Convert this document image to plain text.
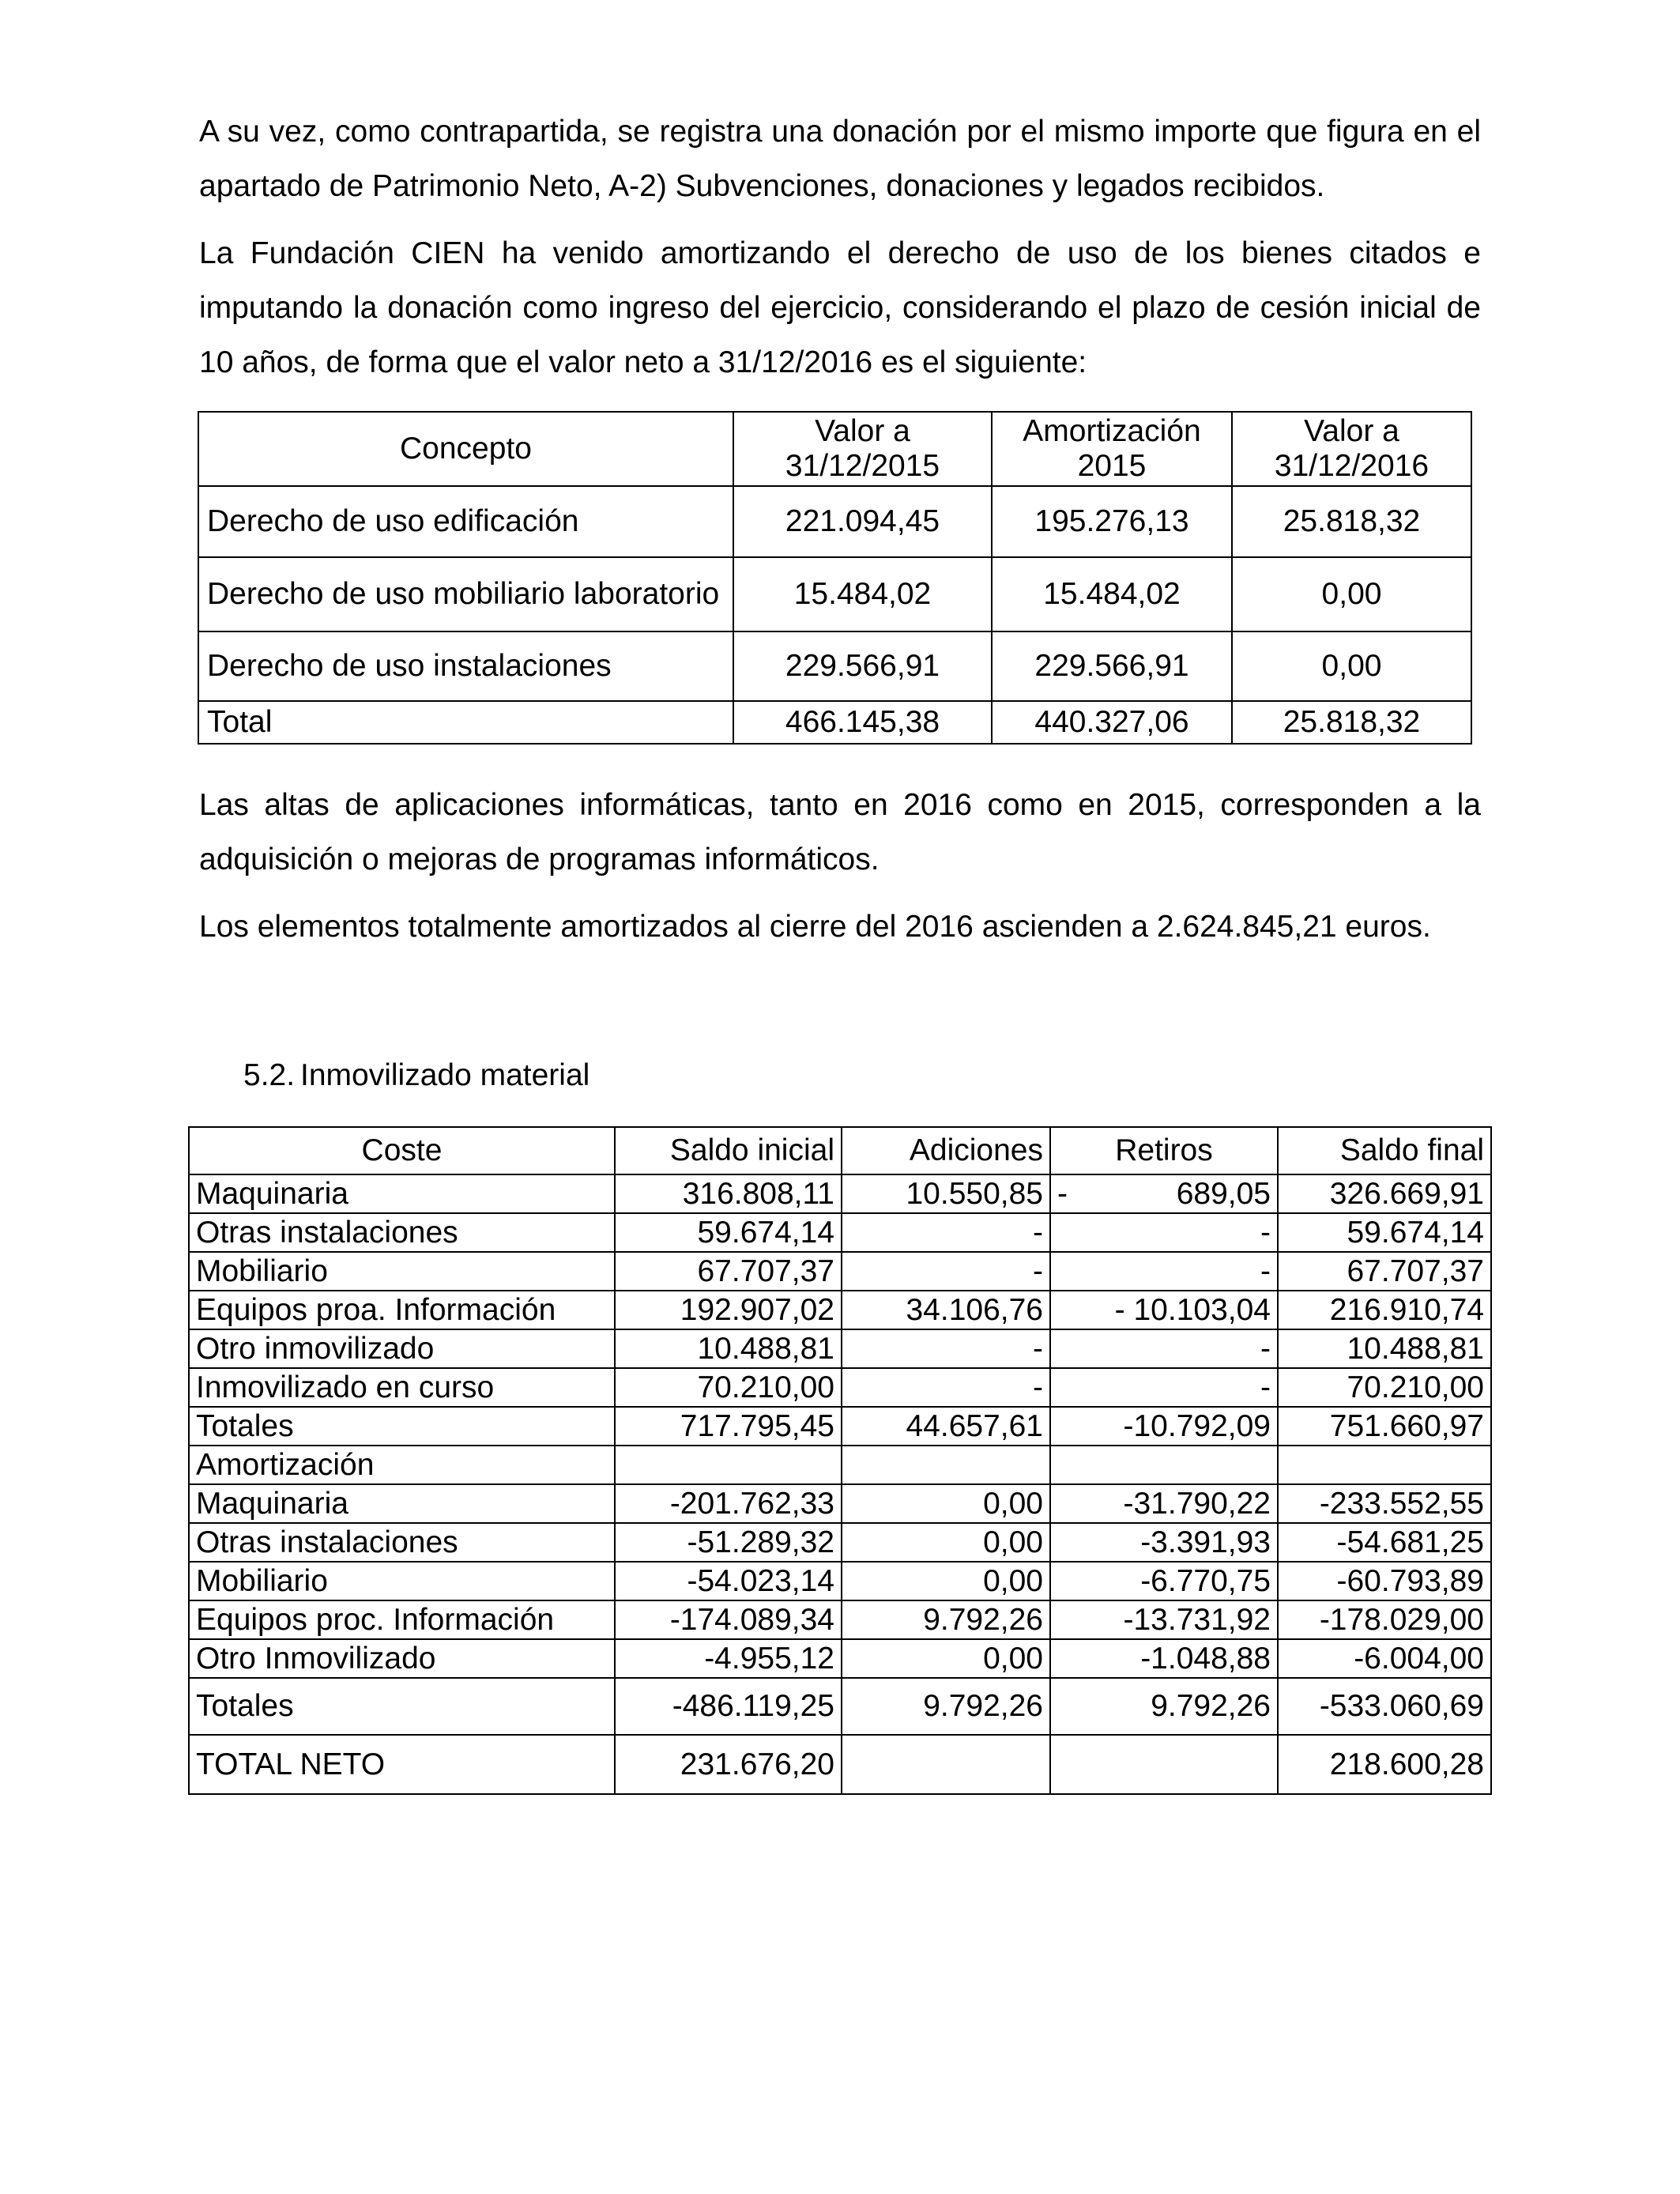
A su vez, como contrapartida, se registra una donación por el mismo importe que figura en el apartado de Patrimonio Neto, A-2) Subvenciones, donaciones y legados recibidos.

La Fundación CIEN ha venido amortizando el derecho de uso de los bienes citados e imputando la donación como ingreso del ejercicio, considerando el plazo de cesión inicial de 10 años, de forma que el valor neto a 31/12/2016 es el siguiente:

Concepto	Valor a 31/12/2015	Amortización 2015	Valor a 31/12/2016
Derecho de uso edificación	221.094,45	195.276,13	25.818,32
Derecho de uso mobiliario laboratorio	15.484,02	15.484,02	0,00
Derecho de uso instalaciones	229.566,91	229.566,91	0,00
Total	466.145,38	440.327,06	25.818,32

Las altas de aplicaciones informáticas, tanto en 2016 como en 2015, corresponden a la adquisición o mejoras de programas informáticos.

Los elementos totalmente amortizados al cierre del 2016 ascienden a 2.624.845,21 euros.

5.2. Inmovilizado material
Coste	Saldo inicial	Adiciones	Retiros	Saldo final
Maquinaria	316.808,11	10.550,85	- 689,05	326.669,91
Otras instalaciones	59.674,14	-	-	59.674,14
Mobiliario	67.707,37	-	-	67.707,37
Equipos proa. Información	192.907,02	34.106,76	- 10.103,04	216.910,74
Otro inmovilizado	10.488,81	-	-	10.488,81
Inmovilizado en curso	70.210,00	-	-	70.210,00
Totales	717.795,45	44.657,61	-10.792,09	751.660,97
Amortización			

Maquinaria	-201.762,33	0,00	-31.790,22	-233.552,55
Otras instalaciones	-51.289,32	0,00	-3.391,93	-54.681,25
Mobiliario	-54.023,14	0,00	-6.770,75	-60.793,89
Equipos proc. Información	-174.089,34	9.792,26	-13.731,92	-178.029,00
Otro Inmovilizado	-4.955,12	0,00	-1.048,88	-6.004,00
Totales	-486.119,25	9.792,26	9.792,26	-533.060,69
TOTAL NETO	231.676,20			218.600,28
